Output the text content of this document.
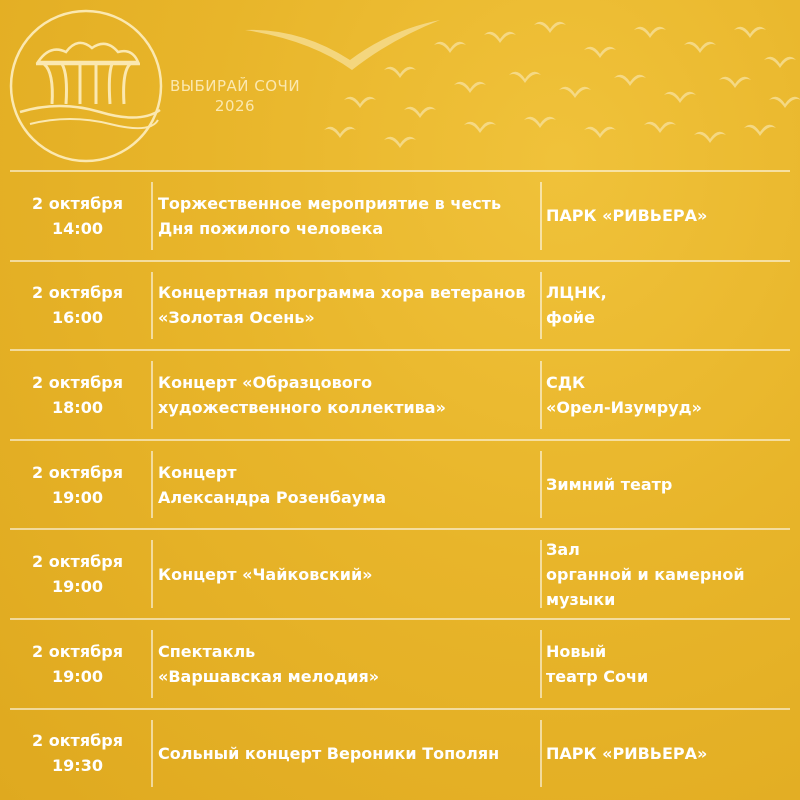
ВЫБИРАЙ СОЧИ
2026
2 октября
14:00
Торжественное мероприятие в честь
Дня пожилого человека
ПАРК «РИВЬЕРА»
2 октября
16:00
Концертная программа хора ветеранов
«Золотая Осень»
ЛЦНК,
фойе
2 октября
18:00
Концерт «Образцового
художественного коллектива»
СДК
«Орел-Изумруд»
2 октября
19:00
Концерт
Александра Розенбаума
Зимний театр
2 октября
19:00
Концерт «Чайковский»
Зал
органной и камерной
музыки
2 октября
19:00
Спектакль
«Варшавская мелодия»
Новый
театр Сочи
2 октября
19:30
Сольный концерт Вероники Тополян	ПАРК «РИВЬЕРА»
